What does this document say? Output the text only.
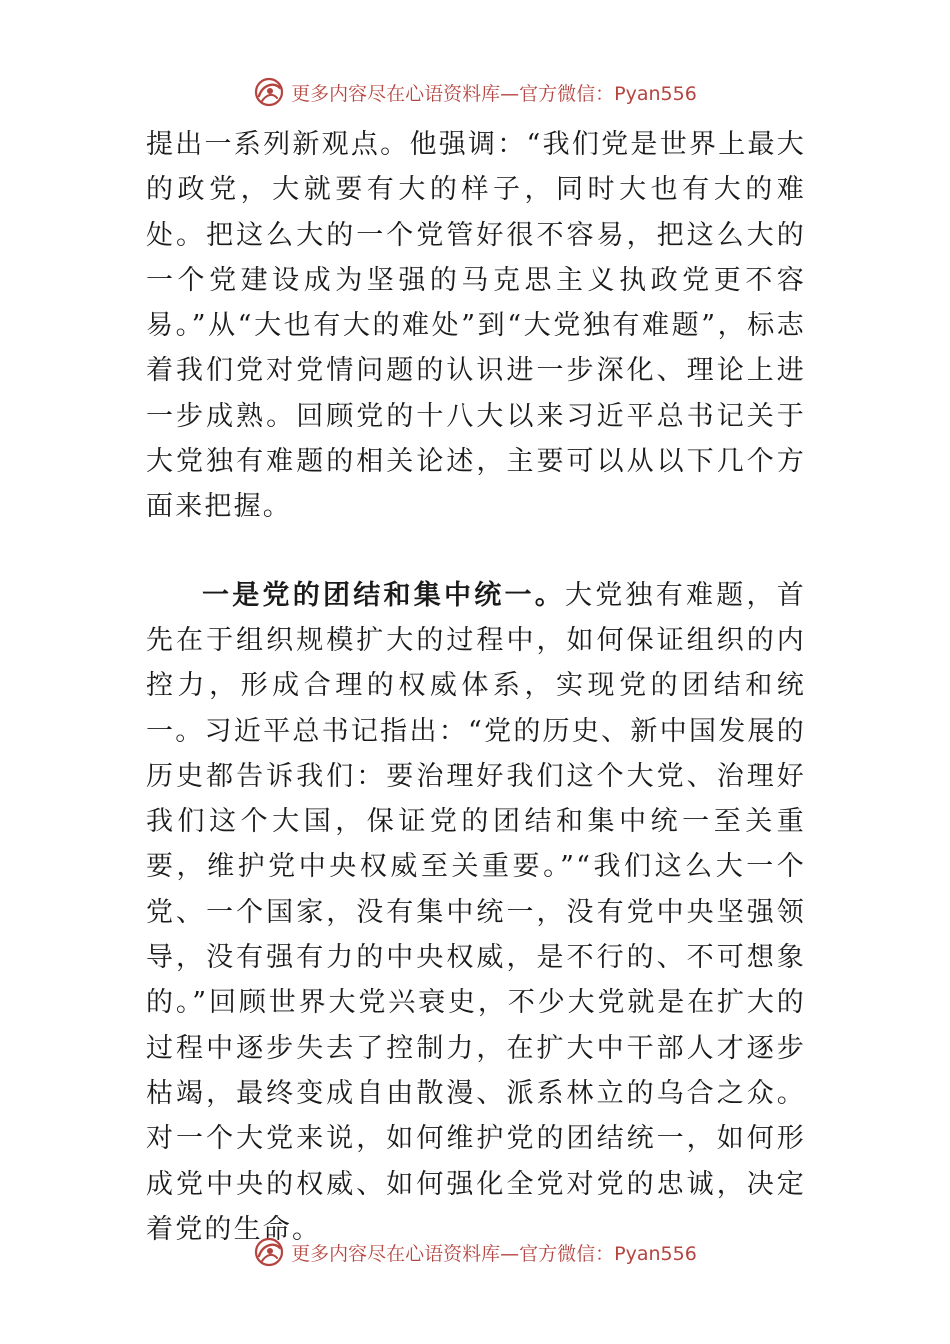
更多内容尽在心语资料库—官方微信：Pyan556

提出一系列新观点。他强调：“我们党是世界上最大的政党，大就要有大的样子，同时大也有大的难处。把这么大的一个党管好很不容易，把这么大的一个党建设成为坚强的马克思主义执政党更不容易。”从“大也有大的难处”到“大党独有难题”，标志着我们党对党情问题的认识进一步深化、理论上进一步成熟。回顾党的十八大以来习近平总书记关于大党独有难题的相关论述，主要可以从以下几个方面来把握。

一是党的团结和集中统一。大党独有难题，首先在于组织规模扩大的过程中，如何保证组织的内控力，形成合理的权威体系，实现党的团结和统一。习近平总书记指出：“党的历史、新中国发展的历史都告诉我们：要治理好我们这个大党、治理好我们这个大国，保证党的团结和集中统一至关重要，维护党中央权威至关重要。”“我们这么大一个党、一个国家，没有集中统一，没有党中央坚强领导，没有强有力的中央权威，是不行的、不可想象的。”回顾世界大党兴衰史，不少大党就是在扩大的过程中逐步失去了控制力，在扩大中干部人才逐步枯竭，最终变成自由散漫、派系林立的乌合之众。对一个大党来说，如何维护党的团结统一，如何形成党中央的权威、如何强化全党对党的忠诚，决定着党的生命。

更多内容尽在心语资料库—官方微信：Pyan556
